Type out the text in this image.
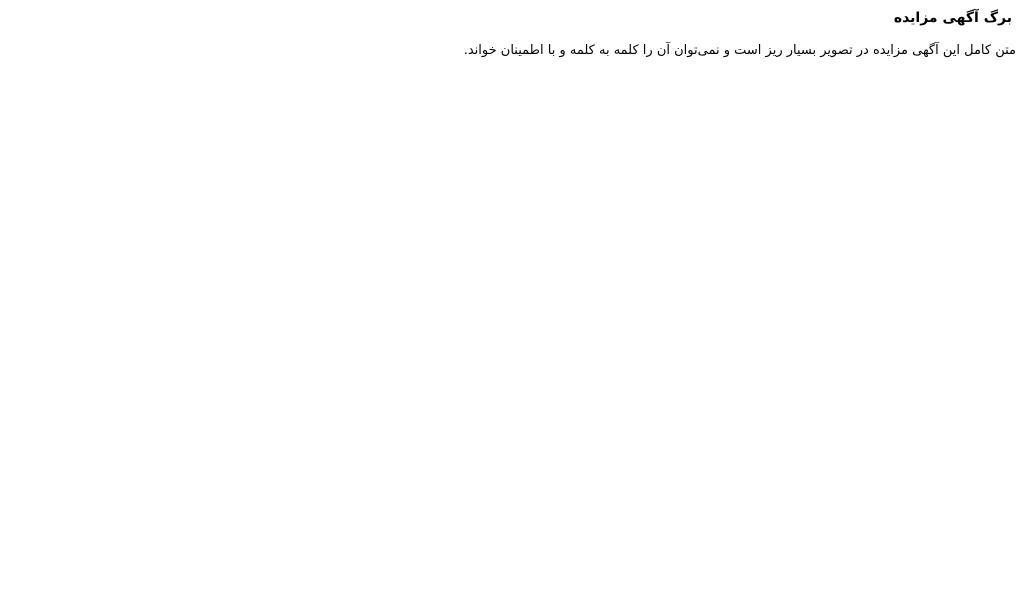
برگ آگهی مزایده

متن کامل این آگهی مزایده در تصویر بسیار ریز است و نمی‌توان آن را کلمه به کلمه و با اطمینان خواند.
